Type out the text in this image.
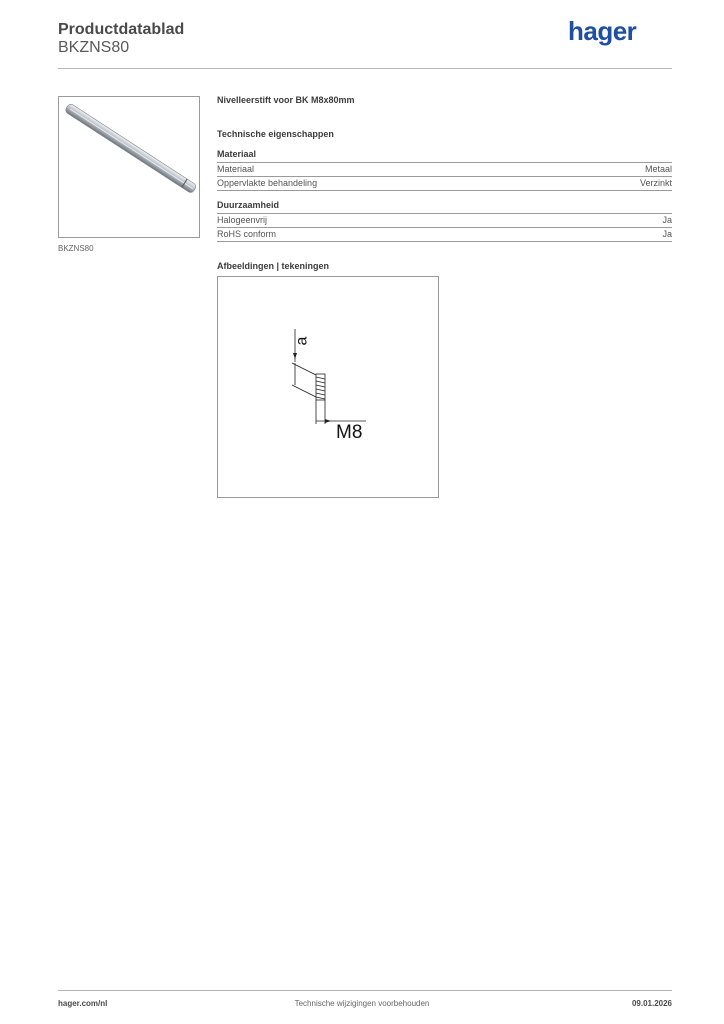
Productdatablad
BKZNS80
hager
BKZNS80
Nivelleerstift voor BK M8x80mm
Technische eigenschappen
Materiaal
Materiaal	Metaal
Oppervlakte behandeling	Verzinkt
Duurzaamheid
Halogeenvrij	Ja
RoHS conform	Ja
Afbeeldingen | tekeningen
a
M8
hager.com/nl	Technische wijzigingen voorbehouden	09.01.2026
